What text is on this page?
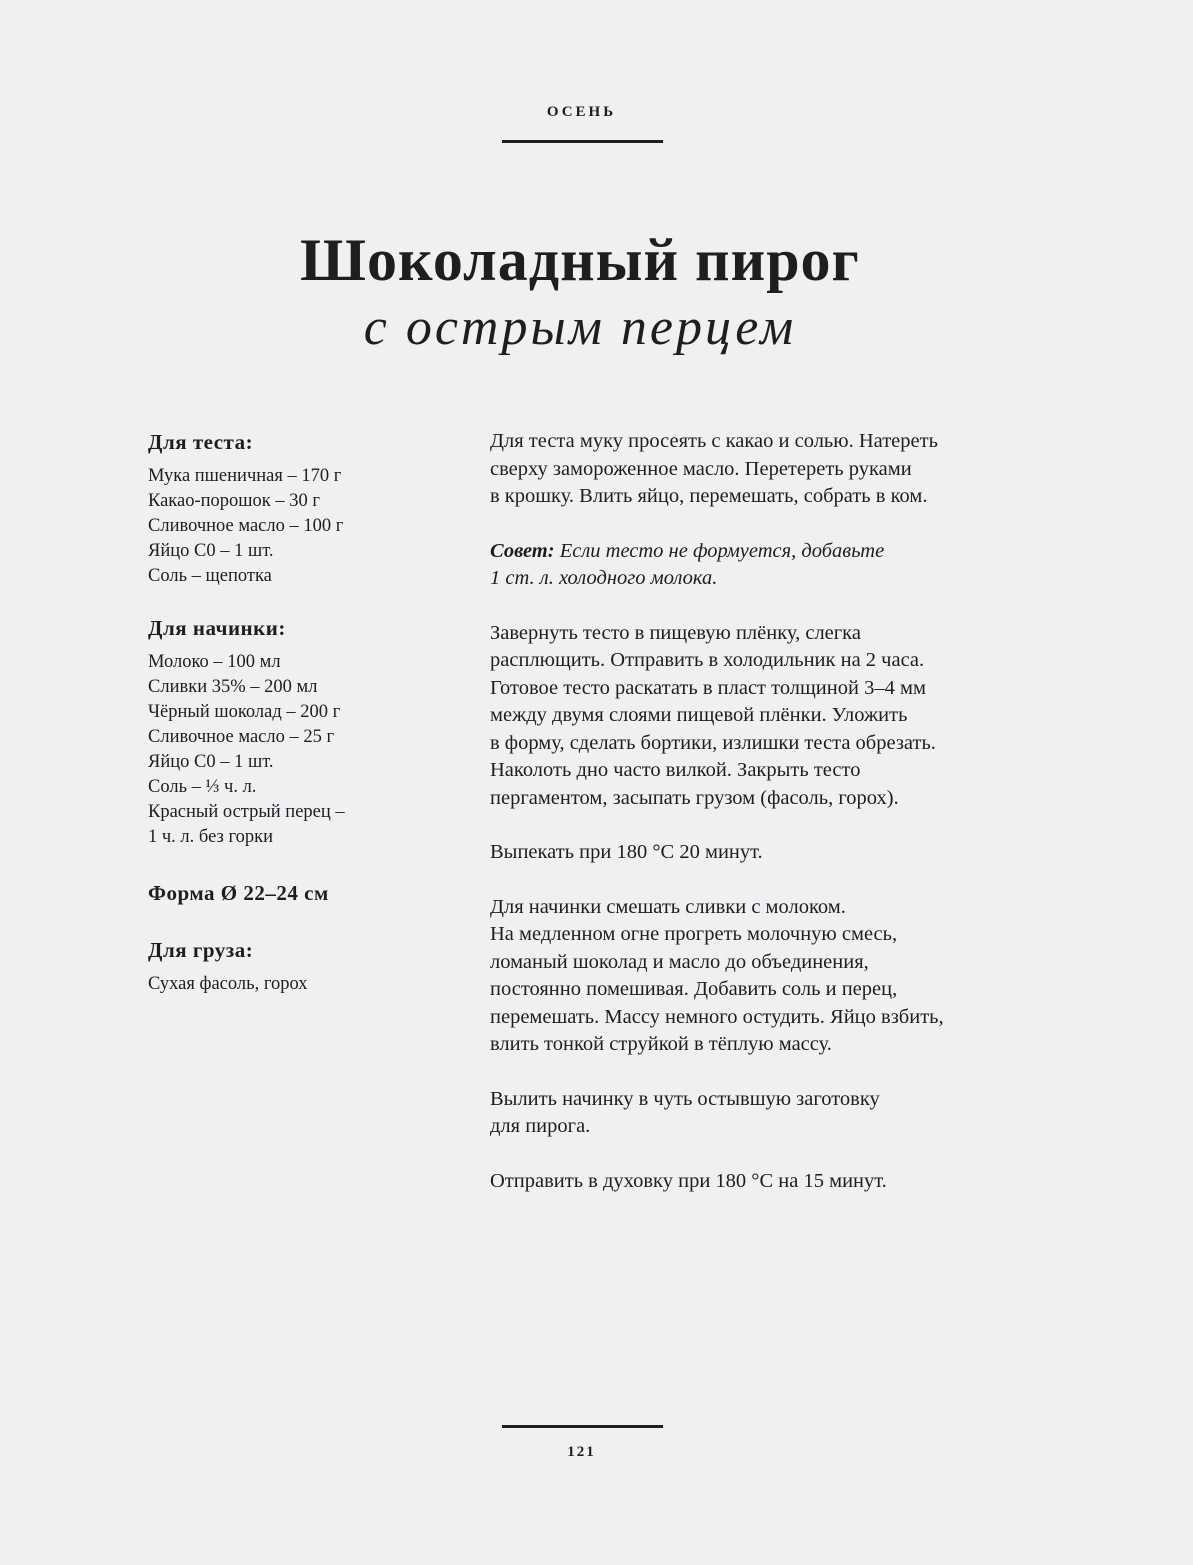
ОСЕНЬ
Шоколадный пирог
с острым перцем
Для теста:
Мука пшеничная – 170 г
Какао-порошок – 30 г
Сливочное масло – 100 г
Яйцо С0 – 1 шт.
Соль – щепотка
Для начинки:
Молоко – 100 мл
Сливки 35% – 200 мл
Чёрный шоколад – 200 г
Сливочное масло – 25 г
Яйцо С0 – 1 шт.
Соль – ⅓ ч. л.
Красный острый перец –
1 ч. л. без горки
Форма Ø 22–24 см
Для груза:
Сухая фасоль, горох

Для теста муку просеять с какао и солью. Натереть
сверху замороженное масло. Перетереть руками
в крошку. Влить яйцо, перемешать, собрать в ком.

Совет: Если тесто не формуется, добавьте
1 ст. л. холодного молока.

Завернуть тесто в пищевую плёнку, слегка
расплющить. Отправить в холодильник на 2 часа.
Готовое тесто раскатать в пласт толщиной 3–4 мм
между двумя слоями пищевой плёнки. Уложить
в форму, сделать бортики, излишки теста обрезать.
Наколоть дно часто вилкой. Закрыть тесто
пергаментом, засыпать грузом (фасоль, горох).

Выпекать при 180 °С 20 минут.

Для начинки смешать сливки с молоком.
На медленном огне прогреть молочную смесь,
ломаный шоколад и масло до объединения,
постоянно помешивая. Добавить соль и перец,
перемешать. Массу немного остудить. Яйцо взбить,
влить тонкой струйкой в тёплую массу.

Вылить начинку в чуть остывшую заготовку
для пирога.

Отправить в духовку при 180 °С на 15 минут.

121
